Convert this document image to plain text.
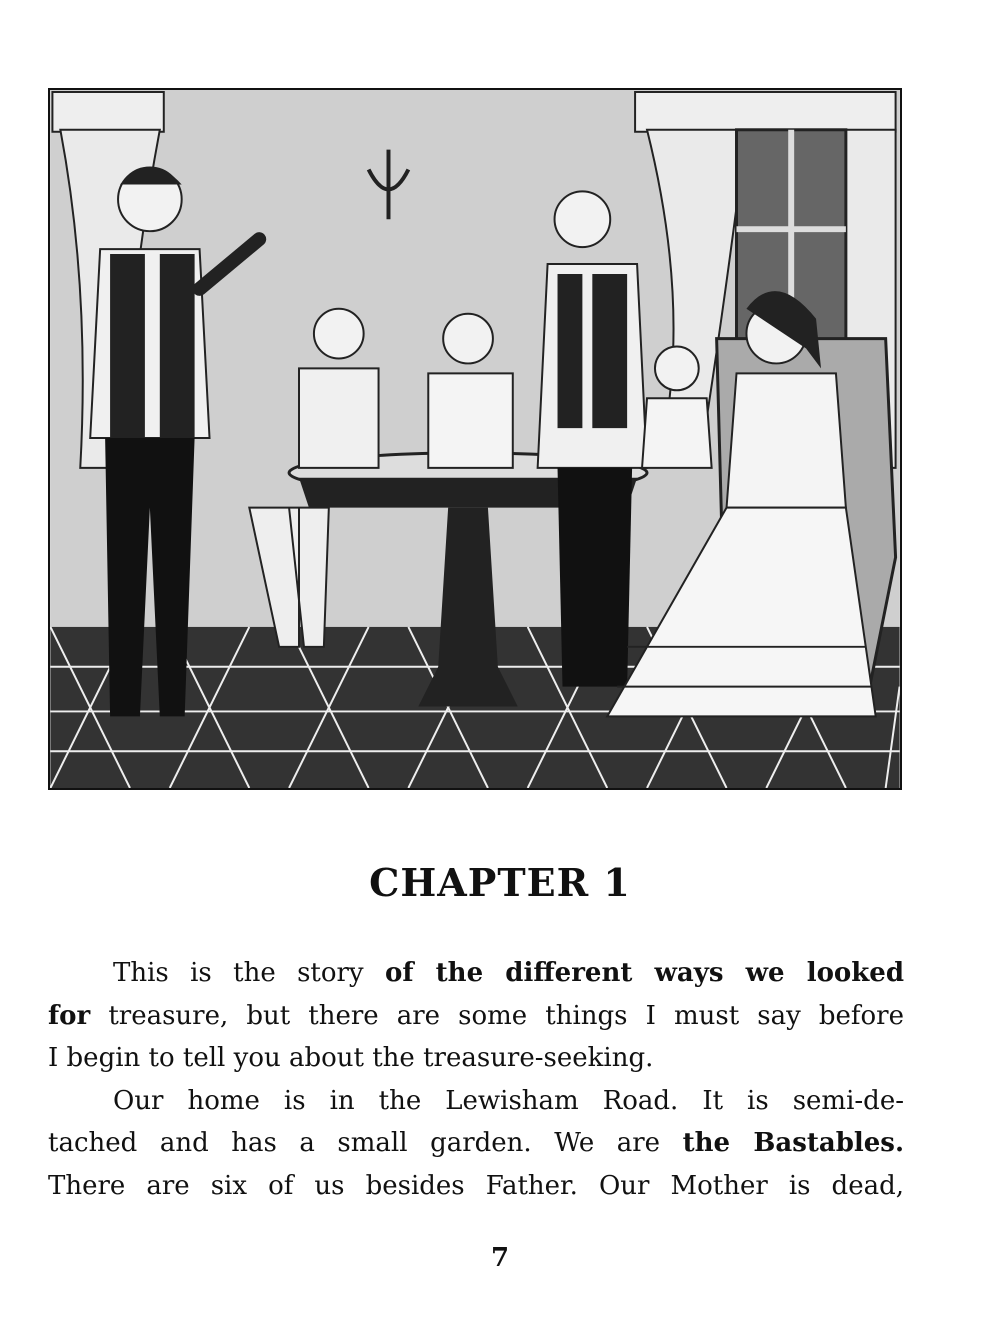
CHAPTER 1

This is the story of the different ways we looked
for treasure, but there are some things I must say before
I begin to tell you about the treasure-seeking.

Our home is in the Lewisham Road. It is semi-de-
tached and has a small garden. We are the Bastables.
There are six of us besides Father. Our Mother is dead,

7
